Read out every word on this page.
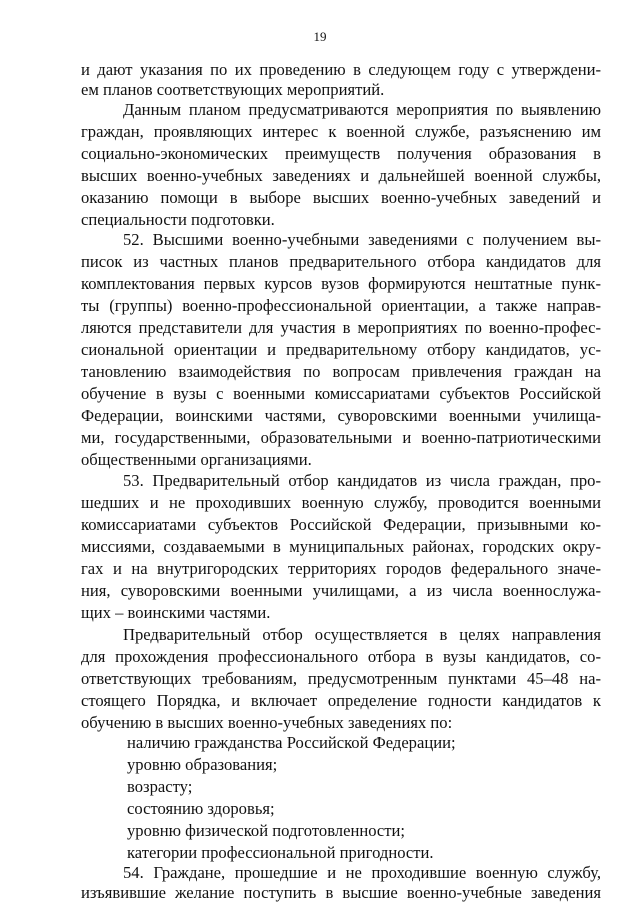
19
и дают указания по их проведению в следующем году с утверждени-
ем планов соответствующих мероприятий.
Данным планом предусматриваются мероприятия по выявлению
граждан, проявляющих интерес к военной службе, разъяснению им
социально-экономических преимуществ получения образования в
высших военно-учебных заведениях и дальнейшей военной службы,
оказанию помощи в выборе высших военно-учебных заведений и
специальности подготовки.
52. Высшими военно-учебными заведениями с получением вы-
писок из частных планов предварительного отбора кандидатов для
комплектования первых курсов вузов формируются нештатные пунк-
ты (группы) военно-профессиональной ориентации, а также направ-
ляются представители для участия в мероприятиях по военно-профес-
сиональной ориентации и предварительному отбору кандидатов, ус-
тановлению взаимодействия по вопросам привлечения граждан на
обучение в вузы с военными комиссариатами субъектов Российской
Федерации, воинскими частями, суворовскими военными училища-
ми, государственными, образовательными и военно-патриотическими
общественными организациями.
53. Предварительный отбор кандидатов из числа граждан, про-
шедших и не проходивших военную службу, проводится военными
комиссариатами субъектов Российской Федерации, призывными ко-
миссиями, создаваемыми в муниципальных районах, городских окру-
гах и на внутригородских территориях городов федерального значе-
ния, суворовскими военными училищами, а из числа военнослужа-
щих – воинскими частями.
Предварительный отбор осуществляется в целях направления
для прохождения профессионального отбора в вузы кандидатов, со-
ответствующих требованиям, предусмотренным пунктами 45–48 на-
стоящего Порядка, и включает определение годности кандидатов к
обучению в высших военно-учебных заведениях по:
наличию гражданства Российской Федерации;
уровню образования;
возрасту;
состоянию здоровья;
уровню физической подготовленности;
категории профессиональной пригодности.
54. Граждане, прошедшие и не проходившие военную службу,
изъявившие желание поступить в высшие военно-учебные заведения
